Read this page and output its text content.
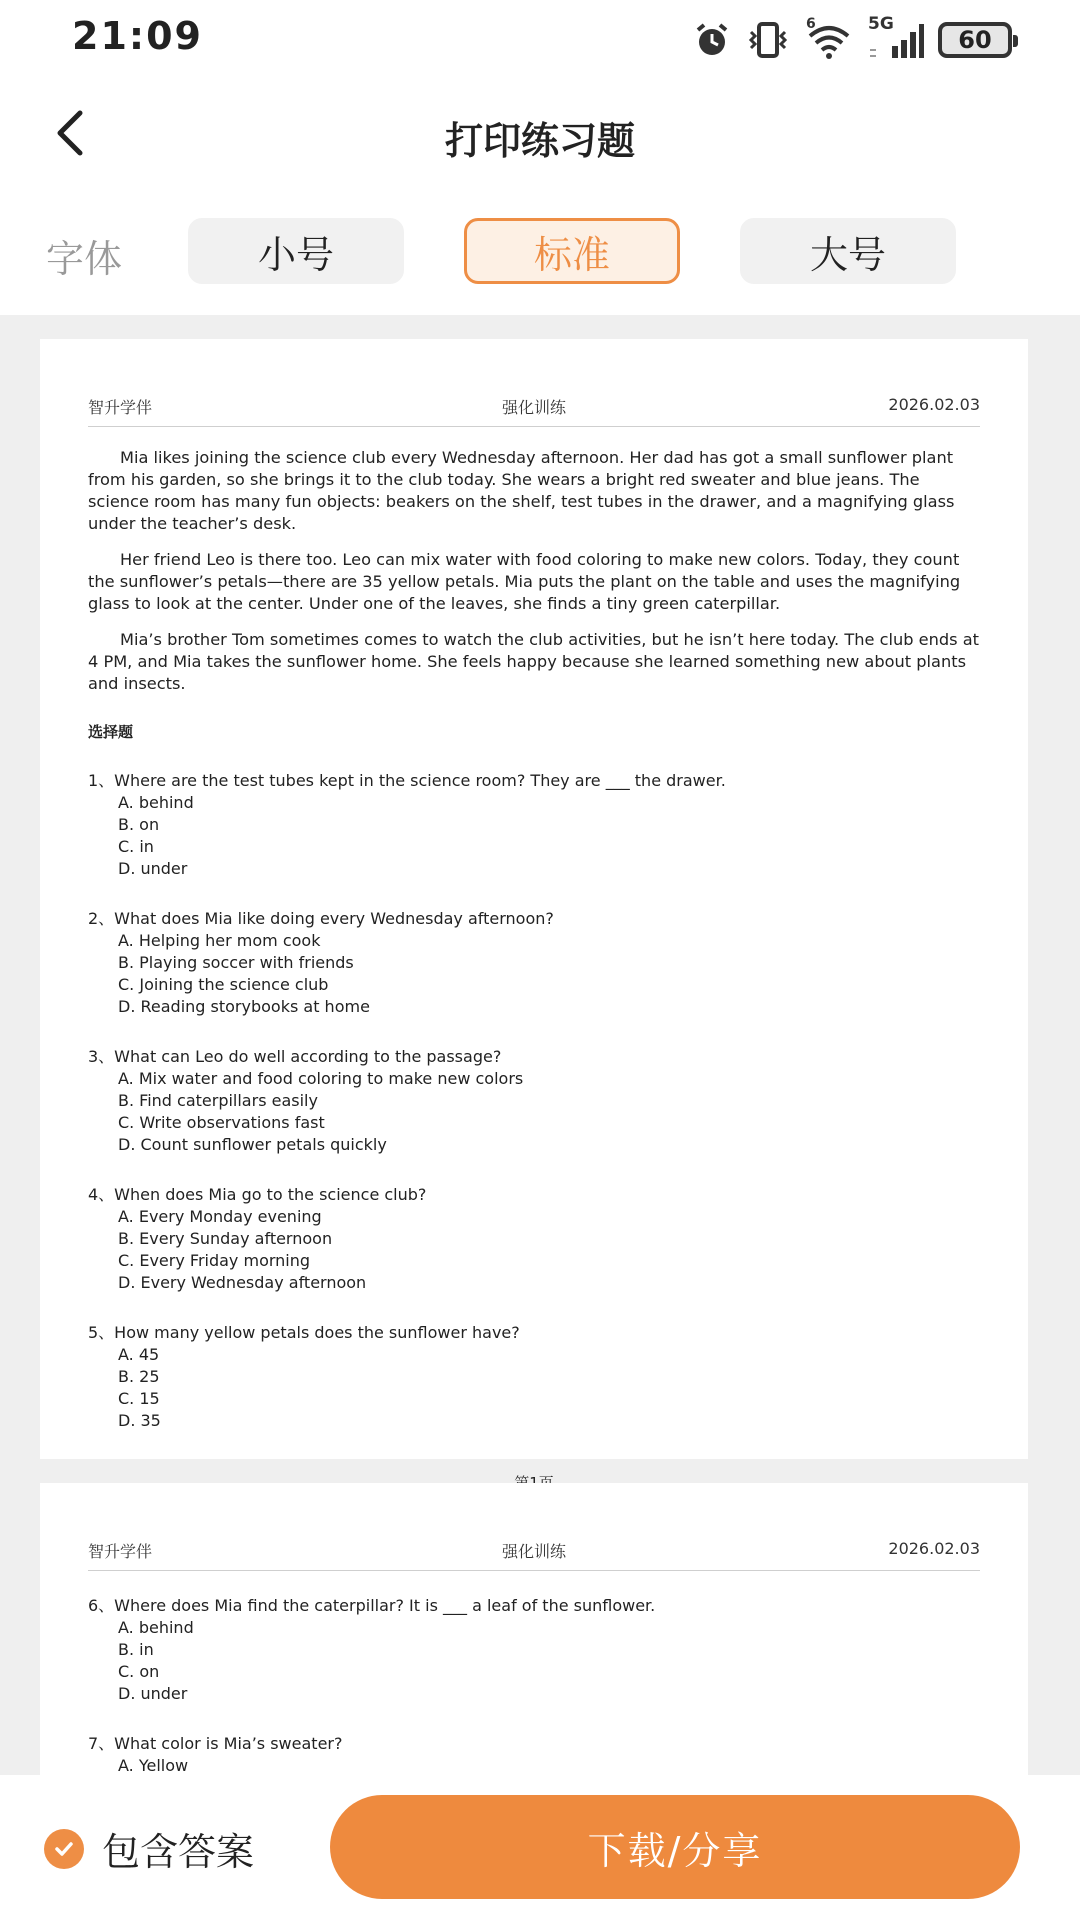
21:09	6	5G
60
打印练习题
字体	小号	标准	大号
智升学伴	强化训练	2026.02.03

Mia likes joining the science club every Wednesday afternoon. Her dad has got a small sunflower plant from his garden, so she brings it to the club today. She wears a bright red sweater and blue jeans. The science room has many fun objects: beakers on the shelf, test tubes in the drawer, and a magnifying glass under the teacher’s desk.

Her friend Leo is there too. Leo can mix water with food coloring to make new colors. Today, they count the sunflower’s petals—there are 35 yellow petals. Mia puts the plant on the table and uses the magnifying glass to look at the center. Under one of the leaves, she finds a tiny green caterpillar.

Mia’s brother Tom sometimes comes to watch the club activities, but he isn’t here today. The club ends at 4 PM, and Mia takes the sunflower home. She feels happy because she learned something new about plants and insects.

选择题
1、Where are the test tubes kept in the science room? They are ___ the drawer.
A. behind
B. on
C. in
D. under
2、What does Mia like doing every Wednesday afternoon?
A. Helping her mom cook
B. Playing soccer with friends
C. Joining the science club
D. Reading storybooks at home
3、What can Leo do well according to the passage?
A. Mix water and food coloring to make new colors
B. Find caterpillars easily
C. Write observations fast
D. Count sunflower petals quickly
4、When does Mia go to the science club?
A. Every Monday evening
B. Every Sunday afternoon
C. Every Friday morning
D. Every Wednesday afternoon
5、How many yellow petals does the sunflower have?
A. 45
B. 25
C. 15
D. 35
智升学伴	强化训练	2026.02.03
6、Where does Mia find the caterpillar? It is ___ a leaf of the sunflower.
A. behind
B. in
C. on
D. under
7、What color is Mia’s sweater?
A. Yellow
包含答案	下载/分享
